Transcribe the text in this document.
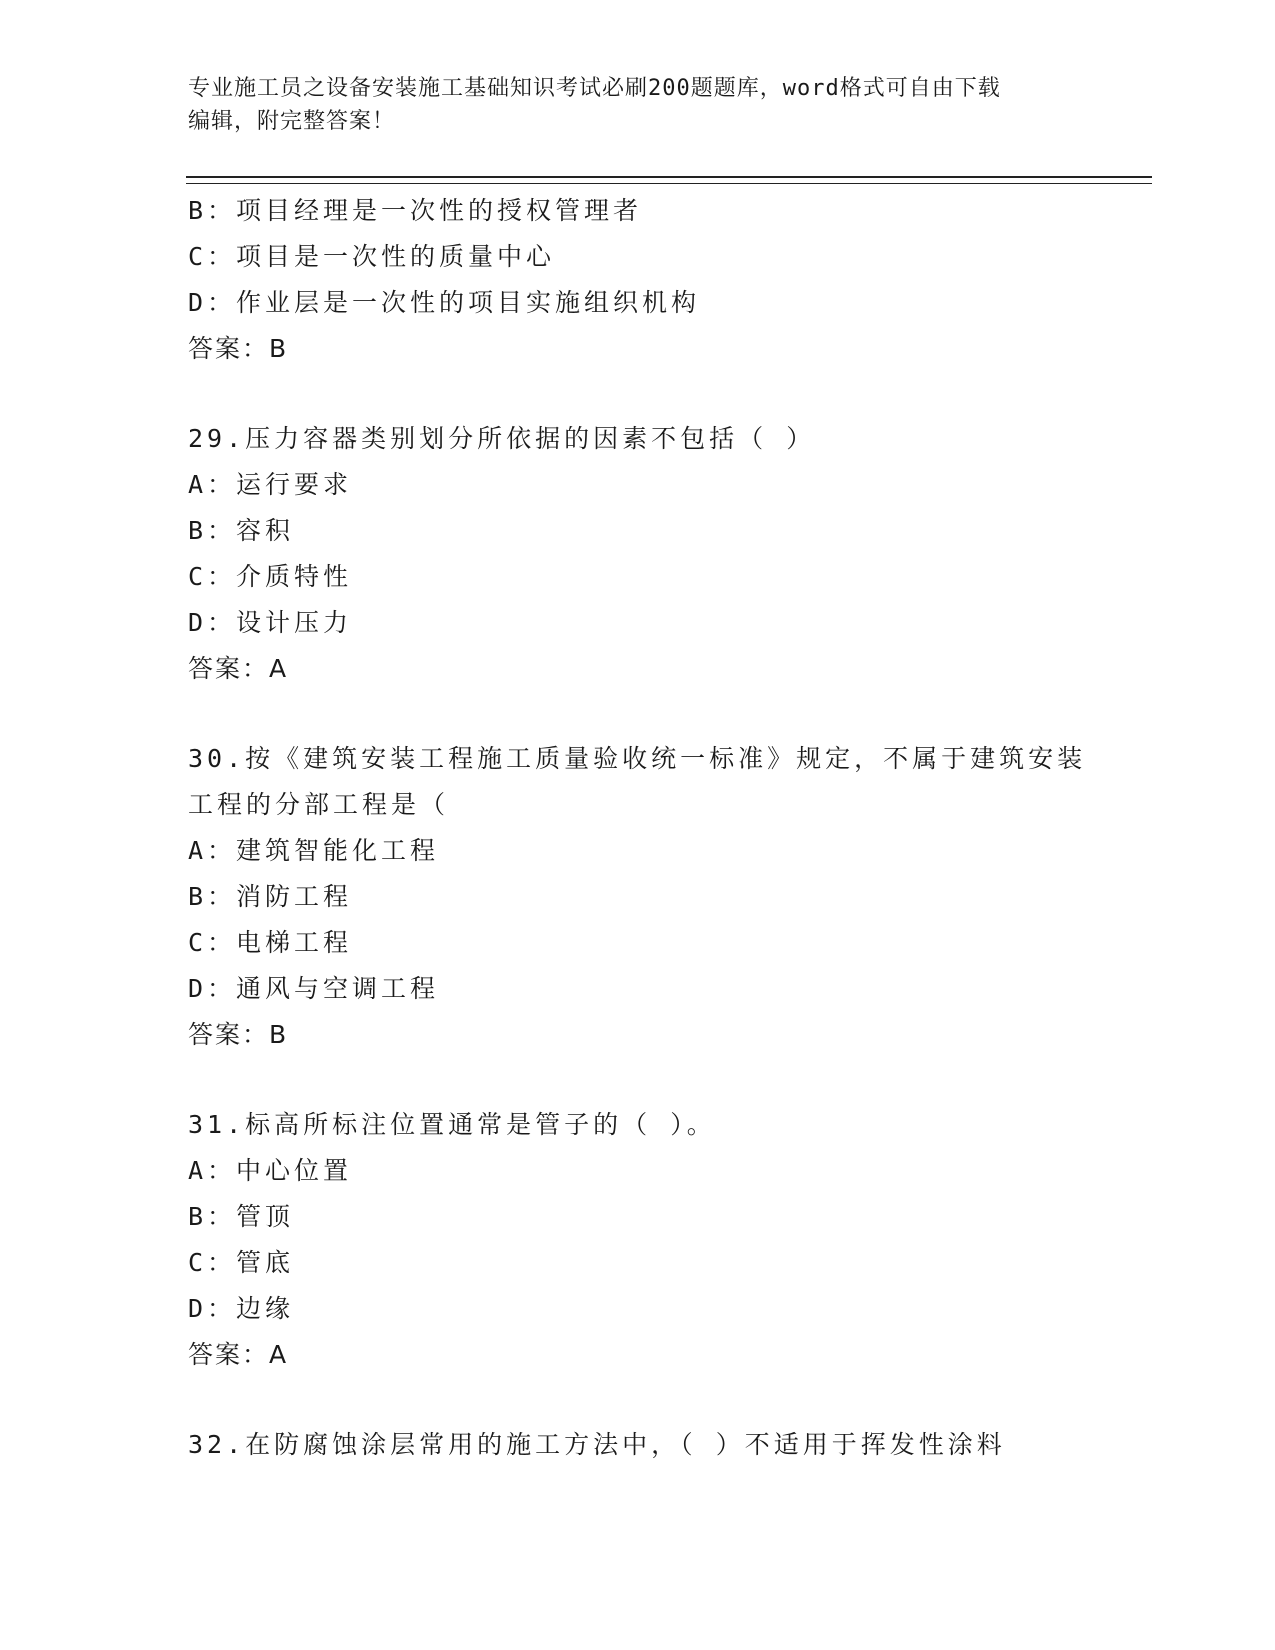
专业施工员之设备安装施工基础知识考试必刷200题题库，word格式可自由下载
编辑，附完整答案！
B：项目经理是一次性的授权管理者
C：项目是一次性的质量中心
D：作业层是一次性的项目实施组织机构
答案：B
29.压力容器类别划分所依据的因素不包括（ ）
A：运行要求
B：容积
C：介质特性
D：设计压力
答案：A
30.按《建筑安装工程施工质量验收统一标准》规定，不属于建筑安装
工程的分部工程是（
A：建筑智能化工程
B：消防工程
C：电梯工程
D：通风与空调工程
答案：B
31.标高所标注位置通常是管子的（ ）。
A：中心位置
B：管顶
C：管底
D：边缘
答案：A
32.在防腐蚀涂层常用的施工方法中，（ ）不适用于挥发性涂料
